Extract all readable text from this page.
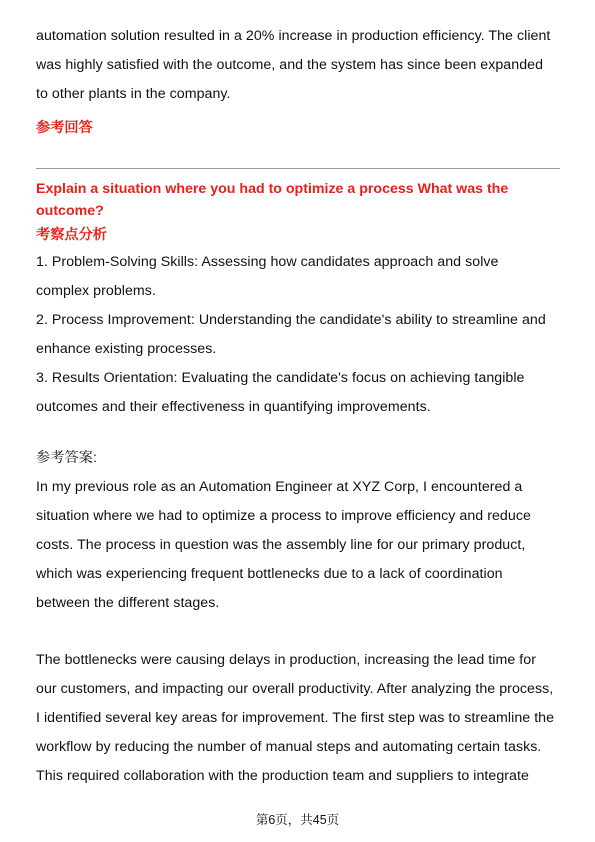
automation solution resulted in a 20% increase in production efficiency. The client

was highly satisfied with the outcome, and the system has since been expanded

to other plants in the company.

参考回答

Explain a situation where you had to optimize a process What was the

outcome?

考察点分析

1. Problem-Solving Skills: Assessing how candidates approach and solve

complex problems.

2. Process Improvement: Understanding the candidate's ability to streamline and

enhance existing processes.

3. Results Orientation: Evaluating the candidate's focus on achieving tangible

outcomes and their effectiveness in quantifying improvements.

参考答案:

In my previous role as an Automation Engineer at XYZ Corp, I encountered a

situation where we had to optimize a process to improve efficiency and reduce

costs. The process in question was the assembly line for our primary product,

which was experiencing frequent bottlenecks due to a lack of coordination

between the different stages.

The bottlenecks were causing delays in production, increasing the lead time for

our customers, and impacting our overall productivity. After analyzing the process,

I identified several key areas for improvement. The first step was to streamline the

workflow by reducing the number of manual steps and automating certain tasks.

This required collaboration with the production team and suppliers to integrate

第6页，共45页
